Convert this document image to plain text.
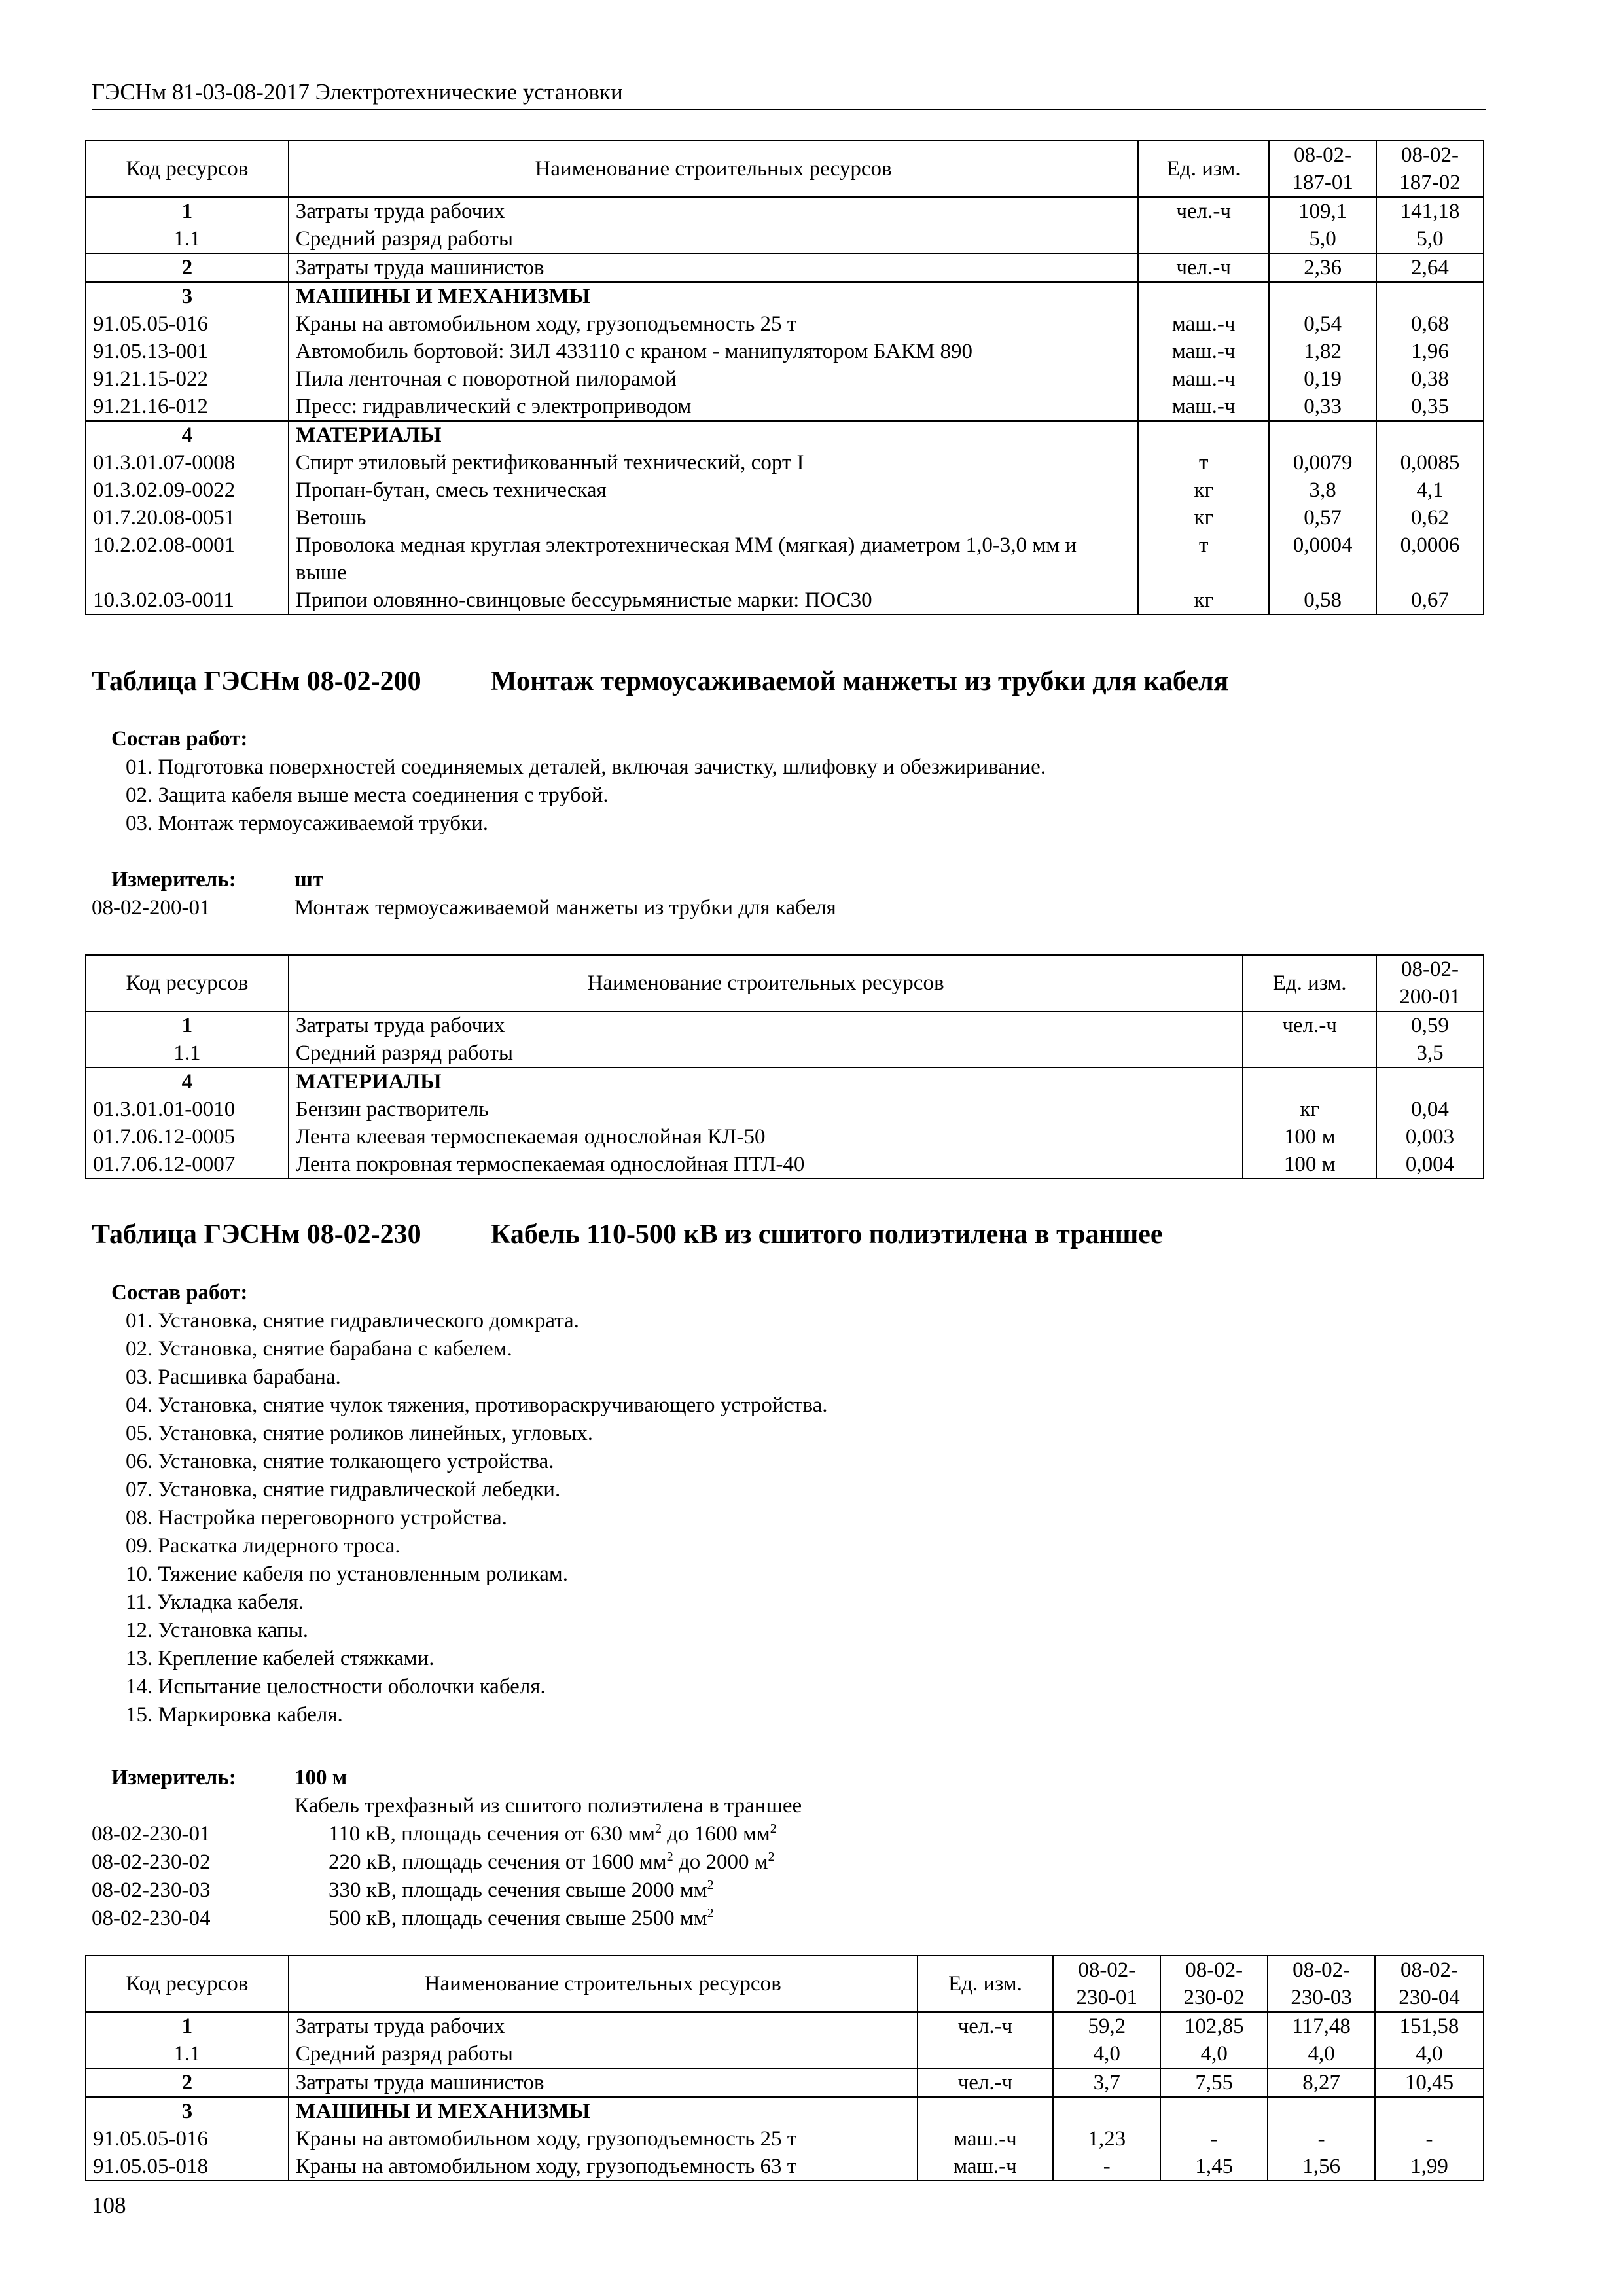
ГЭСНм 81-03-08-2017 Электротехнические установки
Код ресурсов	Наименование строительных ресурсов	Ед. изм.	08-02-187-01	08-02-187-02
1	Затраты труда рабочих	чел.-ч	109,1	141,18
1.1	Средний разряд работы		5,0	5,0
2	Затраты труда машинистов	чел.-ч	2,36	2,64
3	МАШИНЫ И МЕХАНИЗМЫ			
91.05.05-016	Краны на автомобильном ходу, грузоподъемность 25 т	маш.-ч	0,54	0,68
91.05.13-001	Автомобиль бортовой: ЗИЛ 433110 с краном - манипулятором БАКМ 890	маш.-ч	1,82	1,96
91.21.15-022	Пила ленточная с поворотной пилорамой	маш.-ч	0,19	0,38
91.21.16-012	Пресс: гидравлический с электроприводом	маш.-ч	0,33	0,35
4	МАТЕРИАЛЫ			
01.3.01.07-0008	Спирт этиловый ректификованный технический, сорт I	т	0,0079	0,0085
01.3.02.09-0022	Пропан-бутан, смесь техническая	кг	3,8	4,1
01.7.20.08-0051	Ветошь	кг	0,57	0,62
10.2.02.08-0001	Проволока медная круглая электротехническая ММ (мягкая) диаметром 1,0-3,0 мм и выше	т	0,0004	0,0006
10.3.02.03-0011	Припои оловянно-свинцовые бессурьмянистые марки: ПОС30	кг	0,58	0,67
Таблица ГЭСНм 08-02-200	Монтаж термоусаживаемой манжеты из трубки для кабеля
Состав работ:
01. Подготовка поверхностей соединяемых деталей, включая зачистку, шлифовку и обезжиривание.
02. Защита кабеля выше места соединения с трубой.
03. Монтаж термоусаживаемой трубки.
Измеритель:	шт
08-02-200-01	Монтаж термоусаживаемой манжеты из трубки для кабеля
Код ресурсов	Наименование строительных ресурсов	Ед. изм.	08-02-200-01
1	Затраты труда рабочих	чел.-ч	0,59
1.1	Средний разряд работы		3,5
4	МАТЕРИАЛЫ		
01.3.01.01-0010	Бензин растворитель	кг	0,04
01.7.06.12-0005	Лента клеевая термоспекаемая однослойная КЛ-50	100 м	0,003
01.7.06.12-0007	Лента покровная термоспекаемая однослойная ПТЛ-40	100 м	0,004
Таблица ГЭСНм 08-02-230	Кабель 110-500 кВ из сшитого полиэтилена в траншее
Состав работ:
01. Установка, снятие гидравлического домкрата.
02. Установка, снятие барабана с кабелем.
03. Расшивка барабана.
04. Установка, снятие чулок тяжения, противораскручивающего устройства.
05. Установка, снятие роликов линейных, угловых.
06. Установка, снятие толкающего устройства.
07. Установка, снятие гидравлической лебедки.
08. Настройка переговорного устройства.
09. Раскатка лидерного троса.
10. Тяжение кабеля по установленным роликам.
11. Укладка кабеля.
12. Установка капы.
13. Крепление кабелей стяжками.
14. Испытание целостности оболочки кабеля.
15. Маркировка кабеля.
Измеритель:	100 м
Кабель трехфазный из сшитого полиэтилена в траншее
08-02-230-01	110 кВ, площадь сечения от 630 $мм^2$ до 1600 $мм^2$
08-02-230-02	220 кВ, площадь сечения от 1600 $мм^2$ до 2000 $м^2$
08-02-230-03	330 кВ, площадь сечения свыше 2000 $мм^2$
08-02-230-04	500 кВ, площадь сечения свыше 2500 $мм^2$
Код ресурсов	Наименование строительных ресурсов	Ед. изм.	08-02-230-01	08-02-230-02	08-02-230-03	08-02-230-04
1	Затраты труда рабочих	чел.-ч	59,2	102,85	117,48	151,58
1.1	Средний разряд работы		4,0	4,0	4,0	4,0
2	Затраты труда машинистов	чел.-ч	3,7	7,55	8,27	10,45
3	МАШИНЫ И МЕХАНИЗМЫ					
91.05.05-016	Краны на автомобильном ходу, грузоподъемность 25 т	маш.-ч	1,23	-	-	-
91.05.05-018	Краны на автомобильном ходу, грузоподъемность 63 т	маш.-ч	-	1,45	1,56	1,99
108
